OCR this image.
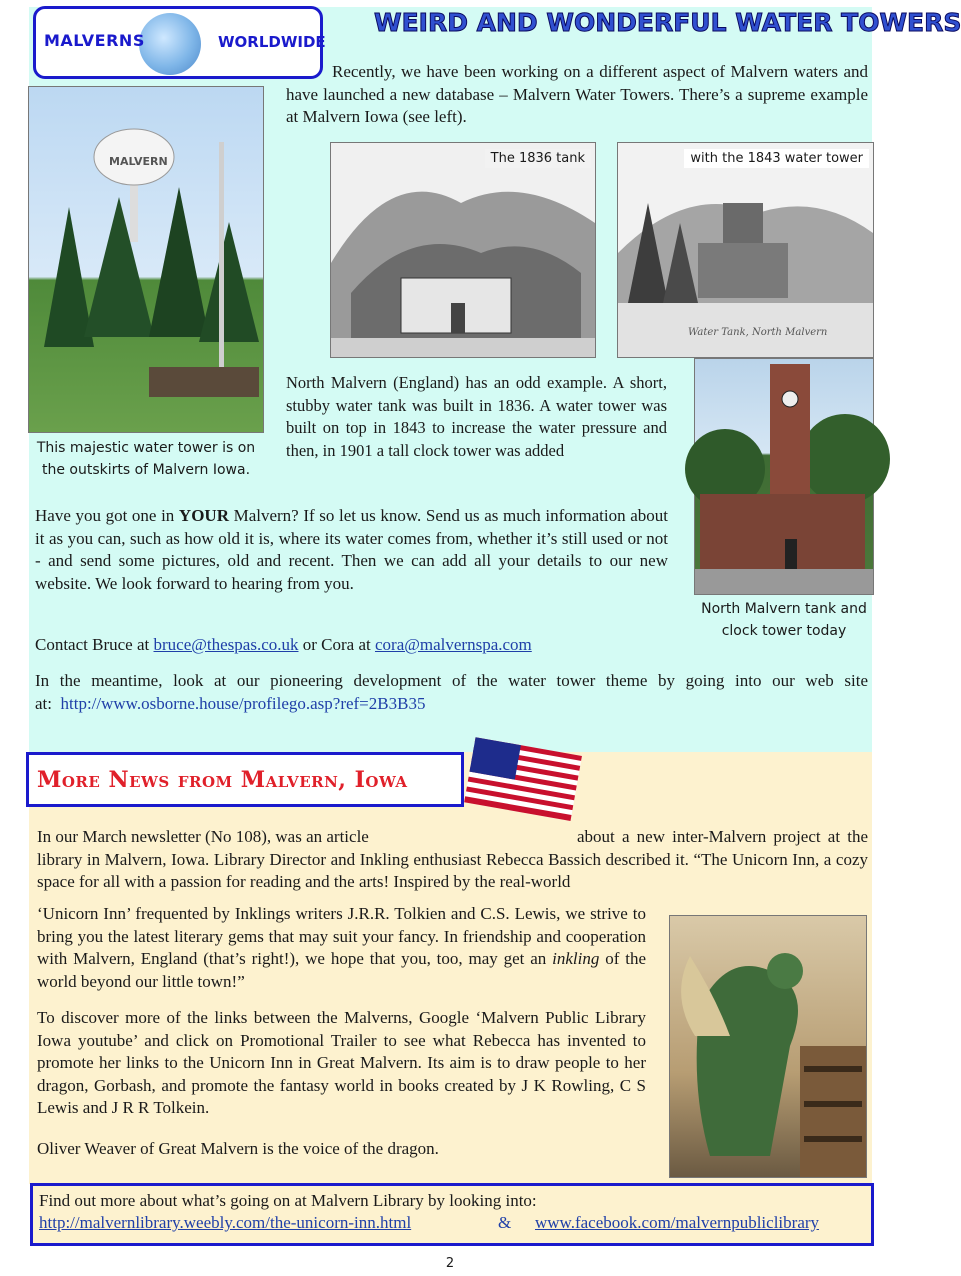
MALVERNS	WORLDWIDE
WEIRD AND WONDERFUL WATER TOWERS

Recently, we have been working on a different aspect of Malvern waters and have launched a new database – Malvern Water Towers. There’s a supreme example at Malvern Iowa (see left).

MALVERN
This majestic water tower is on the outskirts of Malvern Iowa.
The 1836 tank
Water Tank, North Malvern
with the 1843 water tower

North Malvern (England) has an odd example. A short, stubby water tank was built in 1836. A water tower was built on top in 1843 to increase the water pressure and then, in 1901 a tall clock tower was added

North Malvern tank and clock tower today

Have you got one in YOUR Malvern? If so let us know. Send us as much information about it as you can, such as how old it is, where its water comes from, whether it’s still used or not - and send some pictures, old and recent. Then we can add all your details to our new website. We look forward to hearing from you.

Contact Bruce at bruce@thespas.co.uk or Cora at cora@malvernspa.com

In the meantime, look at our pioneering development of the water tower theme by going into our web site at: http://www.osborne.house/profilego.asp?ref=2B3B35

More News from Malvern, Iowa

In our March newsletter (No 108), was an article	about a new inter-Malvern project at the library in Malvern, Iowa. Library Director and Inkling enthusiast Rebecca Bassich described it. “The Unicorn Inn, a cozy space for all with a passion for reading and the arts! Inspired by the real-world

‘Unicorn Inn’ frequented by Inklings writers J.R.R. Tolkien and C.S. Lewis, we strive to bring you the latest literary gems that may suit your fancy. In friendship and cooperation with Malvern, England (that’s right!), we hope that you, too, may get an inkling of the world beyond our little town!”

To discover more of the links between the Malverns, Google ‘Malvern Public Library Iowa youtube’ and click on Promotional Trailer to see what Rebecca has invented to promote her links to the Unicorn Inn in Great Malvern. Its aim is to draw people to her dragon, Gorbash, and promote the fantasy world in books created by J K Rowling, C S Lewis and J R R Tolkein.

Oliver Weaver of Great Malvern is the voice of the dragon.

Find out more about what’s going on at Malvern Library by looking into:
http://malvernlibrary.weebly.com/the-unicorn-inn.html	& www.facebook.com/malvernpubliclibrary
2
